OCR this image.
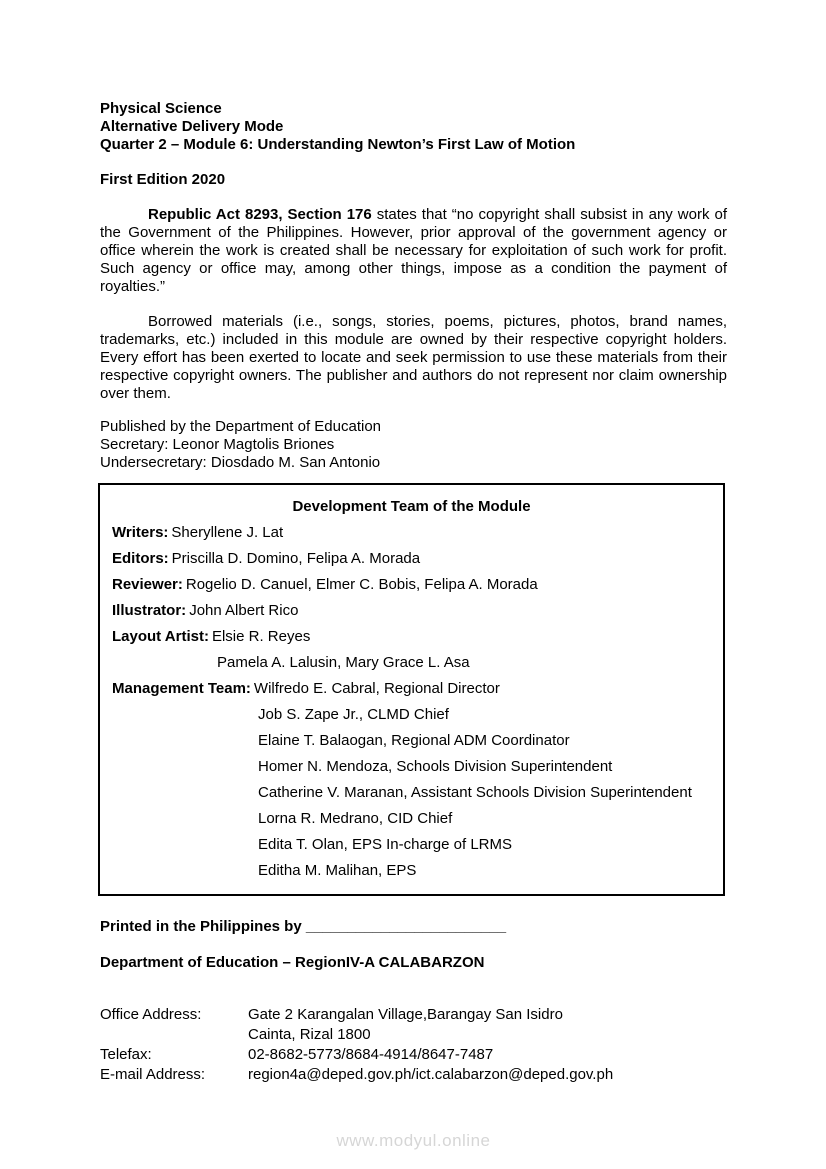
Physical Science
Alternative Delivery Mode
Quarter 2 – Module 6: Understanding Newton’s First Law of Motion
First Edition 2020

Republic Act 8293, Section 176 states that “no copyright shall subsist in any work of the Government of the Philippines. However, prior approval of the government agency or office wherein the work is created shall be necessary for exploitation of such work for profit. Such agency or office may, among other things, impose as a condition the payment of royalties.”

Borrowed materials (i.e., songs, stories, poems, pictures, photos, brand names, trademarks, etc.) included in this module are owned by their respective copyright holders. Every effort has been exerted to locate and seek permission to use these materials from their respective copyright owners. The publisher and authors do not represent nor claim ownership over them.

Published by the Department of Education
Secretary: Leonor Magtolis Briones
Undersecretary: Diosdado M. San Antonio
Development Team of the Module
Writers: Sheryllene J. Lat
Editors: Priscilla D. Domino, Felipa A. Morada
Reviewer: Rogelio D. Canuel, Elmer C. Bobis, Felipa A. Morada
Illustrator: John Albert Rico
Layout Artist: Elsie R. Reyes
Pamela A. Lalusin, Mary Grace L. Asa
Management Team: Wilfredo E. Cabral, Regional Director
Job S. Zape Jr., CLMD Chief
Elaine T. Balaogan, Regional ADM Coordinator
Homer N. Mendoza, Schools Division Superintendent
Catherine V. Maranan, Assistant Schools Division Superintendent
Lorna R. Medrano, CID Chief
Edita T. Olan, EPS In-charge of LRMS
Editha M. Malihan, EPS
Printed in the Philippines by ________________________
Department of Education – RegionIV-A CALABARZON
Office Address:	Gate 2 Karangalan Village,Barangay San Isidro
Cainta, Rizal 1800
Telefax:	02-8682-5773/8684-4914/8647-7487
E-mail Address:	region4a@deped.gov.ph/ict.calabarzon@deped.gov.ph
www.modyul.online
